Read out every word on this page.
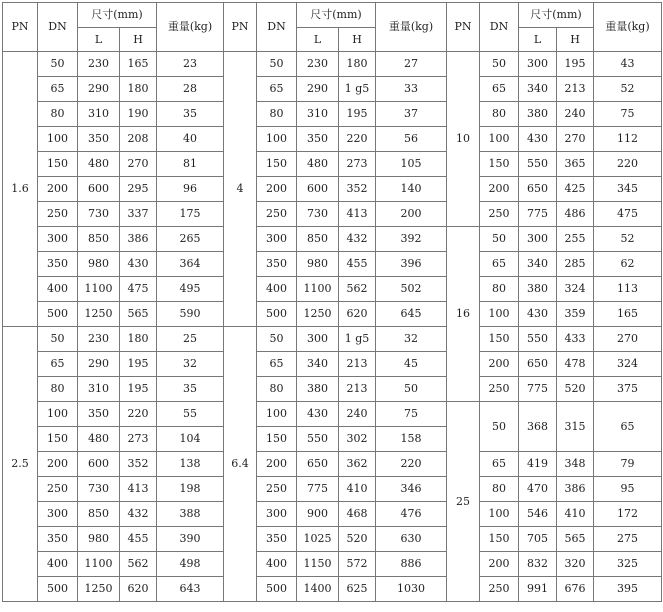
PN	DN	尺寸(mm)		重量(kg)	PN	DN	尺寸(mm)		重量(kg)	PN	DN	尺寸(mm)		重量(kg)
		L	H				L	H				L	H	
1.6	50	230	165	23	4	50	230	180	27	10	50	300	195	43
	65	290	180	28		65	290	1 g5	33		65	340	213	52
	80	310	190	35		80	310	195	37		80	380	240	75
	100	350	208	40		100	350	220	56		100	430	270	112
	150	480	270	81		150	480	273	105		150	550	365	220
	200	600	295	96		200	600	352	140		200	650	425	345
	250	730	337	175		250	730	413	200		250	775	486	475
	300	850	386	265		300	850	432	392	16	50	300	255	52
	350	980	430	364		350	980	455	396		65	340	285	62
	400	1100	475	495		400	1100	562	502		80	380	324	113
	500	1250	565	590		500	1250	620	645		100	430	359	165
2.5	50	230	180	25	6.4	50	300	1 g5	32		150	550	433	270
	65	290	195	32		65	340	213	45		200	650	478	324
	80	310	195	35		80	380	213	50		250	775	520	375
	100	350	220	55		100	430	240	75	25	50	368	315	65
	150	480	273	104		150	550	302	158					
	200	600	352	138		200	650	362	220		65	419	348	79
	250	730	413	198		250	775	410	346		80	470	386	95
	300	850	432	388		300	900	468	476		100	546	410	172
	350	980	455	390		350	1025	520	630		150	705	565	275
	400	1100	562	498		400	1150	572	886		200	832	320	325
	500	1250	620	643		500	1400	625	1030		250	991	676	395
